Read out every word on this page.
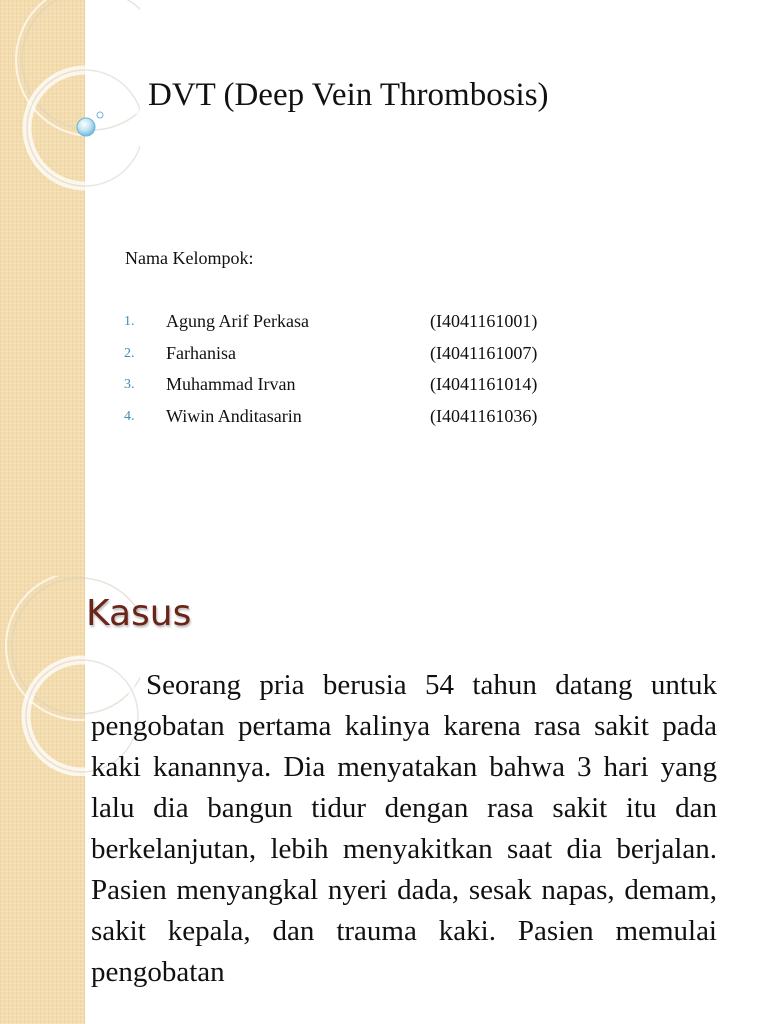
DVT (Deep Vein Thrombosis)
Nama Kelompok:
1. Agung Arif Perkasa	(I4041161001)
2. Farhanisa	(I4041161007)
3. Muhammad Irvan	(I4041161014)
4. Wiwin Anditasarin	(I4041161036)
Kasus

Seorang pria berusia 54 tahun datang untuk pengobatan pertama kalinya karena rasa sakit pada kaki kanannya. Dia menyatakan bahwa 3 hari yang lalu dia bangun tidur dengan rasa sakit itu dan berkelanjutan, lebih menyakitkan saat dia berjalan. Pasien menyangkal nyeri dada, sesak napas, demam, sakit kepala, dan trauma kaki. Pasien memulai pengobatan
